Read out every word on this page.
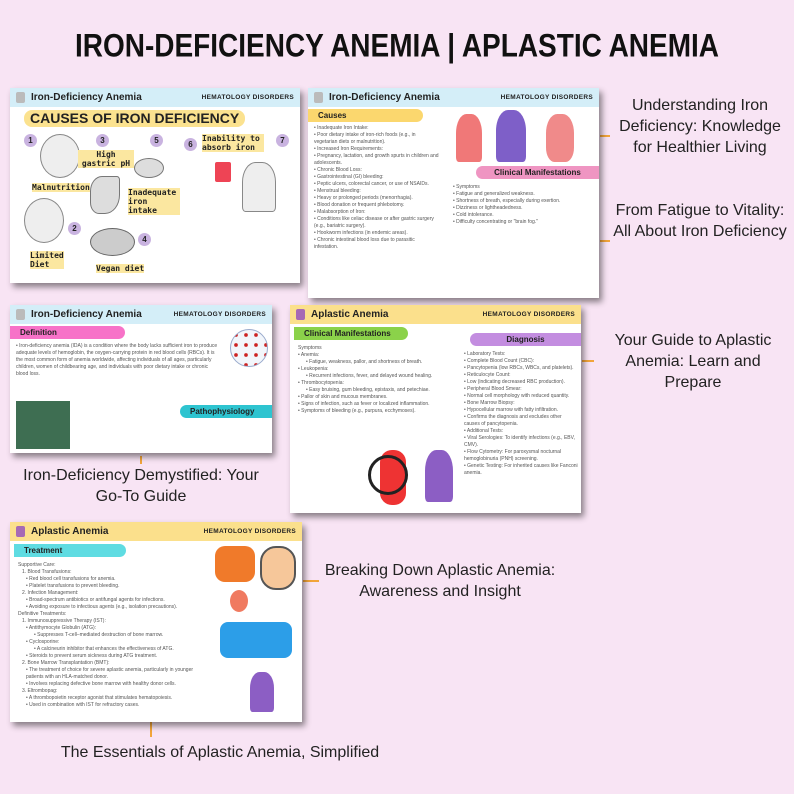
IRON-DEFICIENCY ANEMIA | APLASTIC ANEMIA
Iron-Deficiency Anemia	HEMATOLOGY DISORDERS
CAUSES OF IRON DEFICIENCY
1
Malnutrition
2
Limited Diet
3
High gastric pH
4
Vegan diet
5
Inadequate iron intake
6
Inability to absorb iron
7
Iron-Deficiency Anemia	HEMATOLOGY DISORDERS
Causes
• Inadequate Iron Intake:
• Poor dietary intake of iron-rich foods (e.g., in vegetarian diets or malnutrition).
• Increased Iron Requirements:
• Pregnancy, lactation, and growth spurts in children and adolescents.
• Chronic Blood Loss:
• Gastrointestinal (GI) bleeding:
• Peptic ulcers, colorectal cancer, or use of NSAIDs.
• Menstrual bleeding:
• Heavy or prolonged periods (menorrhagia).
• Blood donation or frequent phlebotomy.
• Malabsorption of Iron:
• Conditions like celiac disease or after gastric surgery (e.g., bariatric surgery).
• Hookworm infections (in endemic areas).
• Chronic intestinal blood loss due to parasitic infestation.
Clinical Manifestations
• Symptoms
• Fatigue and generalized weakness.
• Shortness of breath, especially during exertion.
• Dizziness or lightheadedness.
• Cold intolerance.
• Difficulty concentrating or "brain fog."
Iron-Deficiency Anemia	HEMATOLOGY DISORDERS
Definition
• Iron-deficiency anemia (IDA) is a condition where the body lacks sufficient iron to produce adequate levels of hemoglobin, the oxygen-carrying protein in red blood cells (RBCs). It is the most common form of anemia worldwide, affecting individuals of all ages, particularly children, women of childbearing age, and individuals with poor dietary intake or chronic blood loss.
Pathophysiology
Aplastic Anemia	HEMATOLOGY DISORDERS
Clinical Manifestations
Symptoms
• Anemia:
• Fatigue, weakness, pallor, and shortness of breath.
• Leukopenia:
• Recurrent infections, fever, and delayed wound healing.
• Thrombocytopenia:
• Easy bruising, gum bleeding, epistaxis, and petechiae.
• Pallor of skin and mucous membranes.
• Signs of infection, such as fever or localized inflammation.
• Symptoms of bleeding (e.g., purpura, ecchymoses).
Diagnosis
• Laboratory Tests:
• Complete Blood Count (CBC):
• Pancytopenia (low RBCs, WBCs, and platelets).
• Reticulocyte Count:
• Low (indicating decreased RBC production).
• Peripheral Blood Smear:
• Normal cell morphology with reduced quantity.
• Bone Marrow Biopsy:
• Hypocellular marrow with fatty infiltration.
• Confirms the diagnosis and excludes other causes of pancytopenia.
• Additional Tests:
• Viral Serologies: To identify infections (e.g., EBV, CMV).
• Flow Cytometry: For paroxysmal nocturnal hemoglobinuria (PNH) screening.
• Genetic Testing: For inherited causes like Fanconi anemia.
Aplastic Anemia	HEMATOLOGY DISORDERS
Treatment
Supportive Care:
1. Blood Transfusions:
• Red blood cell transfusions for anemia.
• Platelet transfusions to prevent bleeding.
2. Infection Management:
• Broad-spectrum antibiotics or antifungal agents for infections.
• Avoiding exposure to infectious agents (e.g., isolation precautions).
Definitive Treatments:
1. Immunosuppressive Therapy (IST):
• Antithymocyte Globulin (ATG):
• Suppresses T-cell–mediated destruction of bone marrow.
• Cyclosporine:
• A calcineurin inhibitor that enhances the effectiveness of ATG.
• Steroids to prevent serum sickness during ATG treatment.
2. Bone Marrow Transplantation (BMT):
• The treatment of choice for severe aplastic anemia, particularly in younger patients with an HLA-matched donor.
• Involves replacing defective bone marrow with healthy donor cells.
3. Eltrombopag:
• A thrombopoietin receptor agonist that stimulates hematopoiesis.
• Used in combination with IST for refractory cases.
Understanding Iron Deficiency: Knowledge for Healthier Living
From Fatigue to Vitality: All About Iron Deficiency
Iron-Deficiency Demystified: Your Go-To Guide
Breaking Down Aplastic Anemia: Awareness and Insight
The Essentials of Aplastic Anemia, Simplified
Your Guide to Aplastic Anemia: Learn and Prepare
